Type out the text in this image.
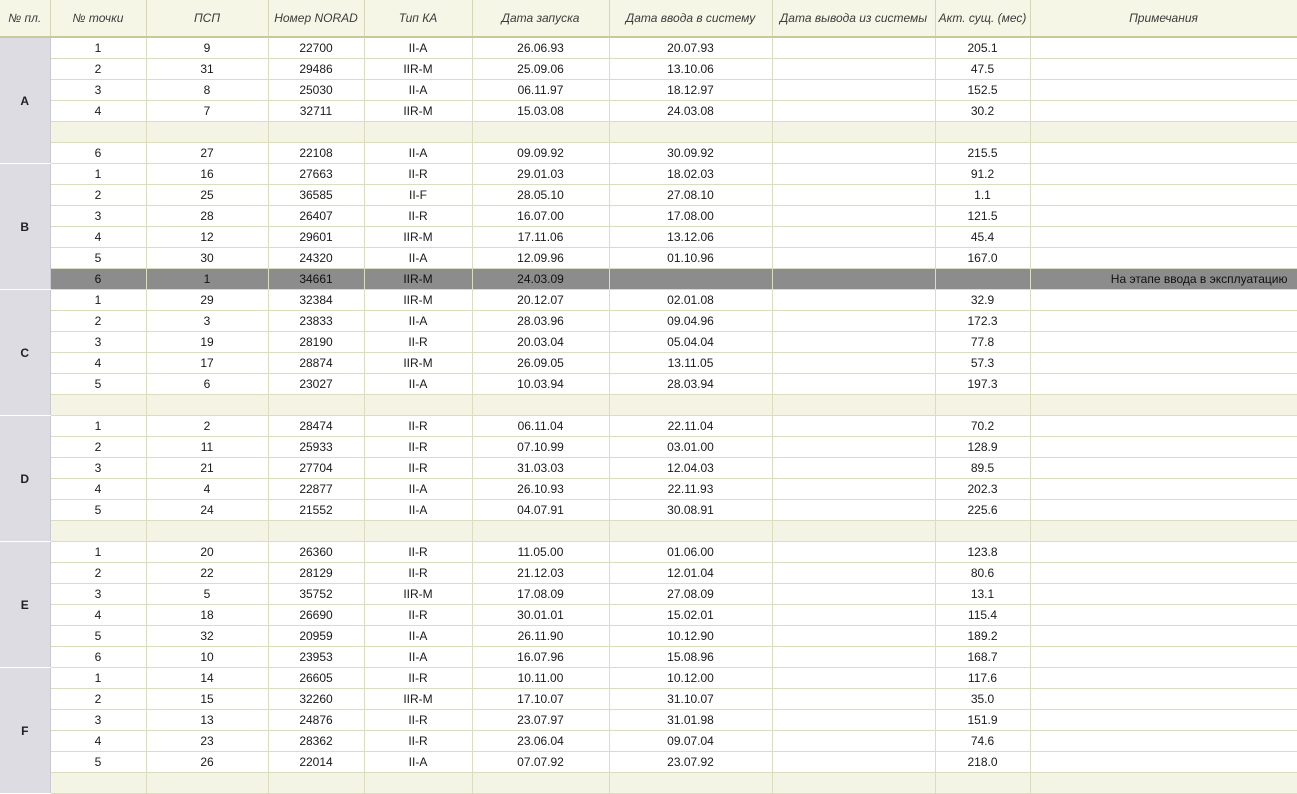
№ пл.	№ точки	ПСП	Номер NORAD	Тип КА	Дата запуска	Дата ввода в систему	Дата вывода из системы	Акт. сущ. (мес)	Примечания
A	1	9	22700	II-A	26.06.93	20.07.93		205.1	
	2	31	29486	IIR-M	25.09.06	13.10.06		47.5	
	3	8	25030	II-A	06.11.97	18.12.97		152.5	
	4	7	32711	IIR-M	15.03.08	24.03.08		30.2	

	6	27	22108	II-A	09.09.92	30.09.92		215.5	
B	1	16	27663	II-R	29.01.03	18.02.03		91.2	
	2	25	36585	II-F	28.05.10	27.08.10		1.1	
	3	28	26407	II-R	16.07.00	17.08.00		121.5	
	4	12	29601	IIR-M	17.11.06	13.12.06		45.4	
	5	30	24320	II-A	12.09.96	01.10.96		167.0	
	6	1	34661	IIR-M	24.03.09				На этапе ввода в эксплуатацию
C	1	29	32384	IIR-M	20.12.07	02.01.08		32.9	
	2	3	23833	II-A	28.03.96	09.04.96		172.3	
	3	19	28190	II-R	20.03.04	05.04.04		77.8	
	4	17	28874	IIR-M	26.09.05	13.11.05		57.3	
	5	6	23027	II-A	10.03.94	28.03.94		197.3	

D	1	2	28474	II-R	06.11.04	22.11.04		70.2	
	2	11	25933	II-R	07.10.99	03.01.00		128.9	
	3	21	27704	II-R	31.03.03	12.04.03		89.5	
	4	4	22877	II-A	26.10.93	22.11.93		202.3	
	5	24	21552	II-A	04.07.91	30.08.91		225.6	

E	1	20	26360	II-R	11.05.00	01.06.00		123.8	
	2	22	28129	II-R	21.12.03	12.01.04		80.6	
	3	5	35752	IIR-M	17.08.09	27.08.09		13.1	
	4	18	26690	II-R	30.01.01	15.02.01		115.4	
	5	32	20959	II-A	26.11.90	10.12.90		189.2	
	6	10	23953	II-A	16.07.96	15.08.96		168.7	
F	1	14	26605	II-R	10.11.00	10.12.00		117.6	
	2	15	32260	IIR-M	17.10.07	31.10.07		35.0	
	3	13	24876	II-R	23.07.97	31.01.98		151.9	
	4	23	28362	II-R	23.06.04	09.07.04		74.6	
	5	26	22014	II-A	07.07.92	23.07.92		218.0	
